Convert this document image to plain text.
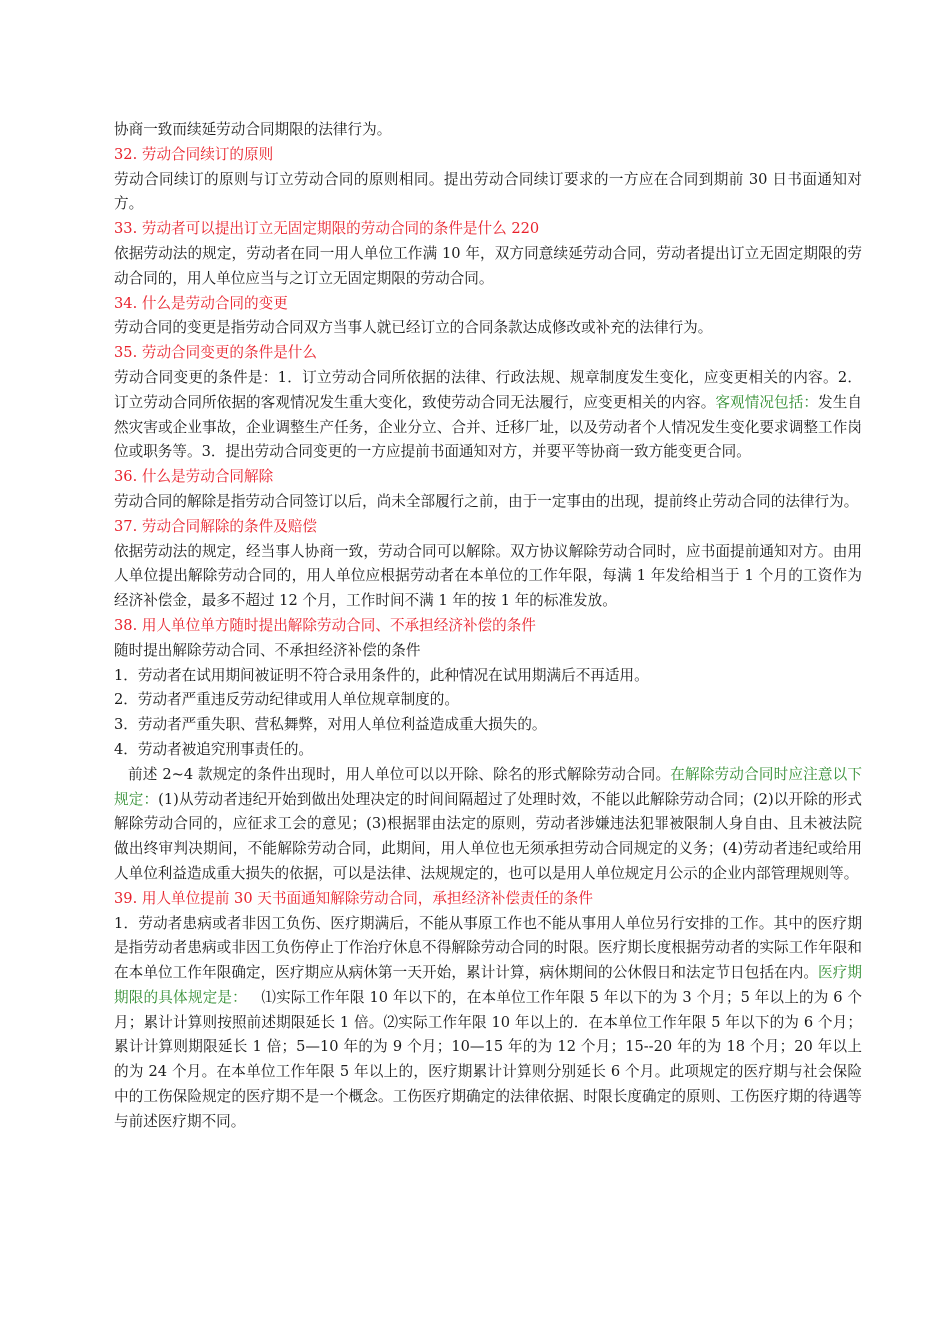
协商一致而续延劳动合同期限的法律行为。

32. 劳动合同续订的原则

劳动合同续订的原则与订立劳动合同的原则相同。提出劳动合同续订要求的一方应在合同到期前 30 日书面通知对方。

33. 劳动者可以提出订立无固定期限的劳动合同的条件是什么 220

依据劳动法的规定，劳动者在同一用人单位工作满 10 年，双方同意续延劳动合同，劳动者提出订立无固定期限的劳动合同的，用人单位应当与之订立无固定期限的劳动合同。

34. 什么是劳动合同的变更

劳动合同的变更是指劳动合同双方当事人就已经订立的合同条款达成修改或补充的法律行为。

35. 劳动合同变更的条件是什么

劳动合同变更的条件是：1．订立劳动合同所依据的法律、行政法规、规章制度发生变化，应变更相关的内容。2．订立劳动合同所依据的客观情况发生重大变化，致使劳动合同无法履行，应变更相关的内容。客观情况包括：发生自然灾害或企业事故，企业调整生产任务，企业分立、合并、迁移厂址，以及劳动者个人情况发生变化要求调整工作岗位或职务等。3．提出劳动合同变更的一方应提前书面通知对方，并要平等协商一致方能变更合同。

36. 什么是劳动合同解除

劳动合同的解除是指劳动合同签订以后，尚未全部履行之前，由于一定事由的出现，提前终止劳动合同的法律行为。

37. 劳动合同解除的条件及赔偿

依据劳动法的规定，经当事人协商一致，劳动合同可以解除。双方协议解除劳动合同时，应书面提前通知对方。由用人单位提出解除劳动合同的，用人单位应根据劳动者在本单位的工作年限，每满 1 年发给相当于 1 个月的工资作为经济补偿金，最多不超过 12 个月，工作时间不满 1 年的按 1 年的标准发放。

38. 用人单位单方随时提出解除劳动合同、不承担经济补偿的条件

随时提出解除劳动合同、不承担经济补偿的条件

1．劳动者在试用期间被证明不符合录用条件的，此种情况在试用期满后不再适用。

2．劳动者严重违反劳动纪律或用人单位规章制度的。

3．劳动者严重失职、营私舞弊，对用人单位利益造成重大损失的。

4．劳动者被追究刑事责任的。

前述 2~4 款规定的条件出现时，用人单位可以以开除、除名的形式解除劳动合同。在解除劳动合同时应注意以下规定：(1)从劳动者违纪开始到做出处理决定的时间间隔超过了处理时效，不能以此解除劳动合同；(2)以开除的形式解除劳动合同的，应征求工会的意见；(3)根据罪由法定的原则，劳动者涉嫌违法犯罪被限制人身自由、且未被法院做出终审判决期间，不能解除劳动合同，此期间，用人单位也无须承担劳动合同规定的义务；(4)劳动者违纪或给用人单位利益造成重大损失的依据，可以是法律、法规规定的，也可以是用人单位规定月公示的企业内部管理规则等。

39. 用人单位提前 30 天书面通知解除劳动合同，承担经济补偿责任的条件

1．劳动者患病或者非因工负伤、医疗期满后，不能从事原工作也不能从事用人单位另行安排的工作。其中的医疗期是指劳动者患病或非因工负伤停止丁作治疗休息不得解除劳动合同的时限。医疗期长度根据劳动者的实际工作年限和在本单位工作年限确定，医疗期应从病休第一天开始，累计计算，病休期间的公休假日和法定节日包括在内。医疗期期限的具体规定是：   ⑴实际工作年限 10 年以下的，在本单位工作年限 5 年以下的为 3 个月；5 年以上的为 6 个月；累计计算则按照前述期限延长 1 倍。⑵实际工作年限 10 年以上的．在本单位工作年限 5 年以下的为 6 个月；累计计算则期限延长 1 倍；5—10 年的为 9 个月；10—15 年的为 12 个月；15--20 年的为 18 个月；20 年以上的为 24 个月。在本单位工作年限 5 年以上的，医疗期累计计算则分别延长 6 个月。此项规定的医疗期与社会保险中的工伤保险规定的医疗期不是一个概念。工伤医疗期确定的法律依据、时限长度确定的原则、工伤医疗期的待遇等与前述医疗期不同。
